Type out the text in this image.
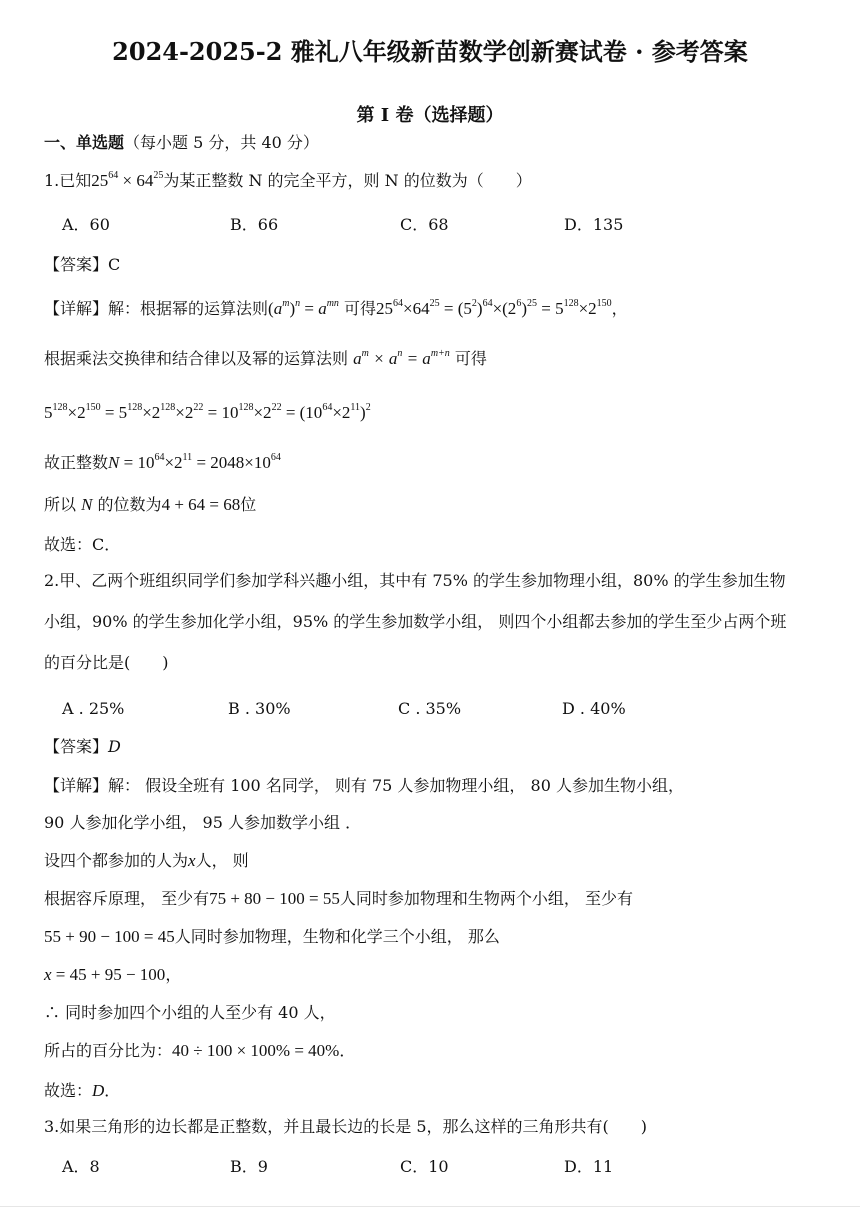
2024-2025-2 雅礼八年级新苗数学创新赛试卷 · 参考答案
第 I 卷（选择题）
一、单选题（每小题 5 分，共 40 分）
1.已知$25^{64} \times 64^{25}$为某正整数 N 的完全平方，则 N 的位数为（　　）
A．60	B．66	C．68	D．135
【答案】C
【详解】解：根据幂的运算法则$(a^m)^n = a^{mn}$ 可得$25^{64}\times 64^{25} = (5^2)^{64}\times(2^6)^{25} = 5^{128}\times 2^{150}$，
根据乘法交换律和结合律以及幂的运算法则 $a^m \times a^n = a^{m+n}$ 可得
$5^{128}\times 2^{150} = 5^{128}\times 2^{128}\times 2^{22} = 10^{128}\times 2^{22} = (10^{64}\times 2^{11})^2$
故正整数$N = 10^{64}\times 2^{11} = 2048\times 10^{64}$
所以 N 的位数为4 + 64 = 68位
故选：C．
2.甲、乙两个班组织同学们参加学科兴趣小组，其中有 75% 的学生参加物理小组，80% 的学生参加生物
小组，90% 的学生参加化学小组，95% 的学生参加数学小组， 则四个小组都去参加的学生至少占两个班
的百分比是(　　)
A . 25%	B . 30%	C . 35%	D . 40%
【答案】D
【详解】解： 假设全班有 100 名同学， 则有 75 人参加物理小组， 80 人参加生物小组，
90 人参加化学小组， 95 人参加数学小组 ．
设四个都参加的人为x人， 则
根据容斥原理， 至少有75 + 80 − 100 = 55人同时参加物理和生物两个小组， 至少有
55 + 90 − 100 = 45人同时参加物理，生物和化学三个小组， 那么
x = 45 + 95 − 100，
∴ 同时参加四个小组的人至少有 40 人，
所占的百分比为：40 ÷ 100 × 100% = 40%．
故选：D．
3.如果三角形的边长都是正整数，并且最长边的长是 5，那么这样的三角形共有(　　)
A．8	B．9	C．10	D．11
